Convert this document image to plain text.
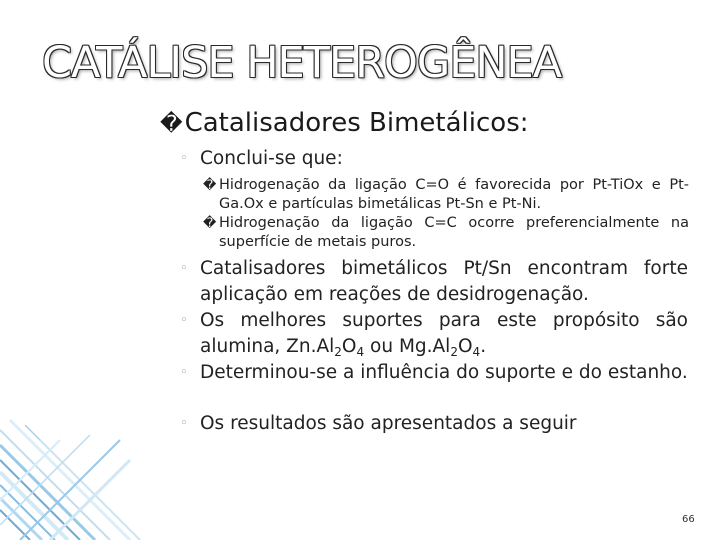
CATÁLISE HETEROGÊNEA
�Catalisadores Bimetálicos:
◦ Conclui-se que:
� Hidrogenação da ligação C=O é favorecida por Pt-TiOx e Pt-Ga.Ox e partículas bimetálicas Pt-Sn e Pt-Ni.
� Hidrogenação da ligação C=C ocorre preferencialmente na superfície de metais puros.
◦ Catalisadores bimetálicos Pt/Sn encontram forte aplicação em reações de desidrogenação.
◦ Os melhores suportes para este propósito são alumina, $Zn.Al_2O_4$ ou $Mg.Al_2O_4$.
◦ Determinou-se a influência do suporte e do estanho.
◦ Os resultados são apresentados a seguir
66
